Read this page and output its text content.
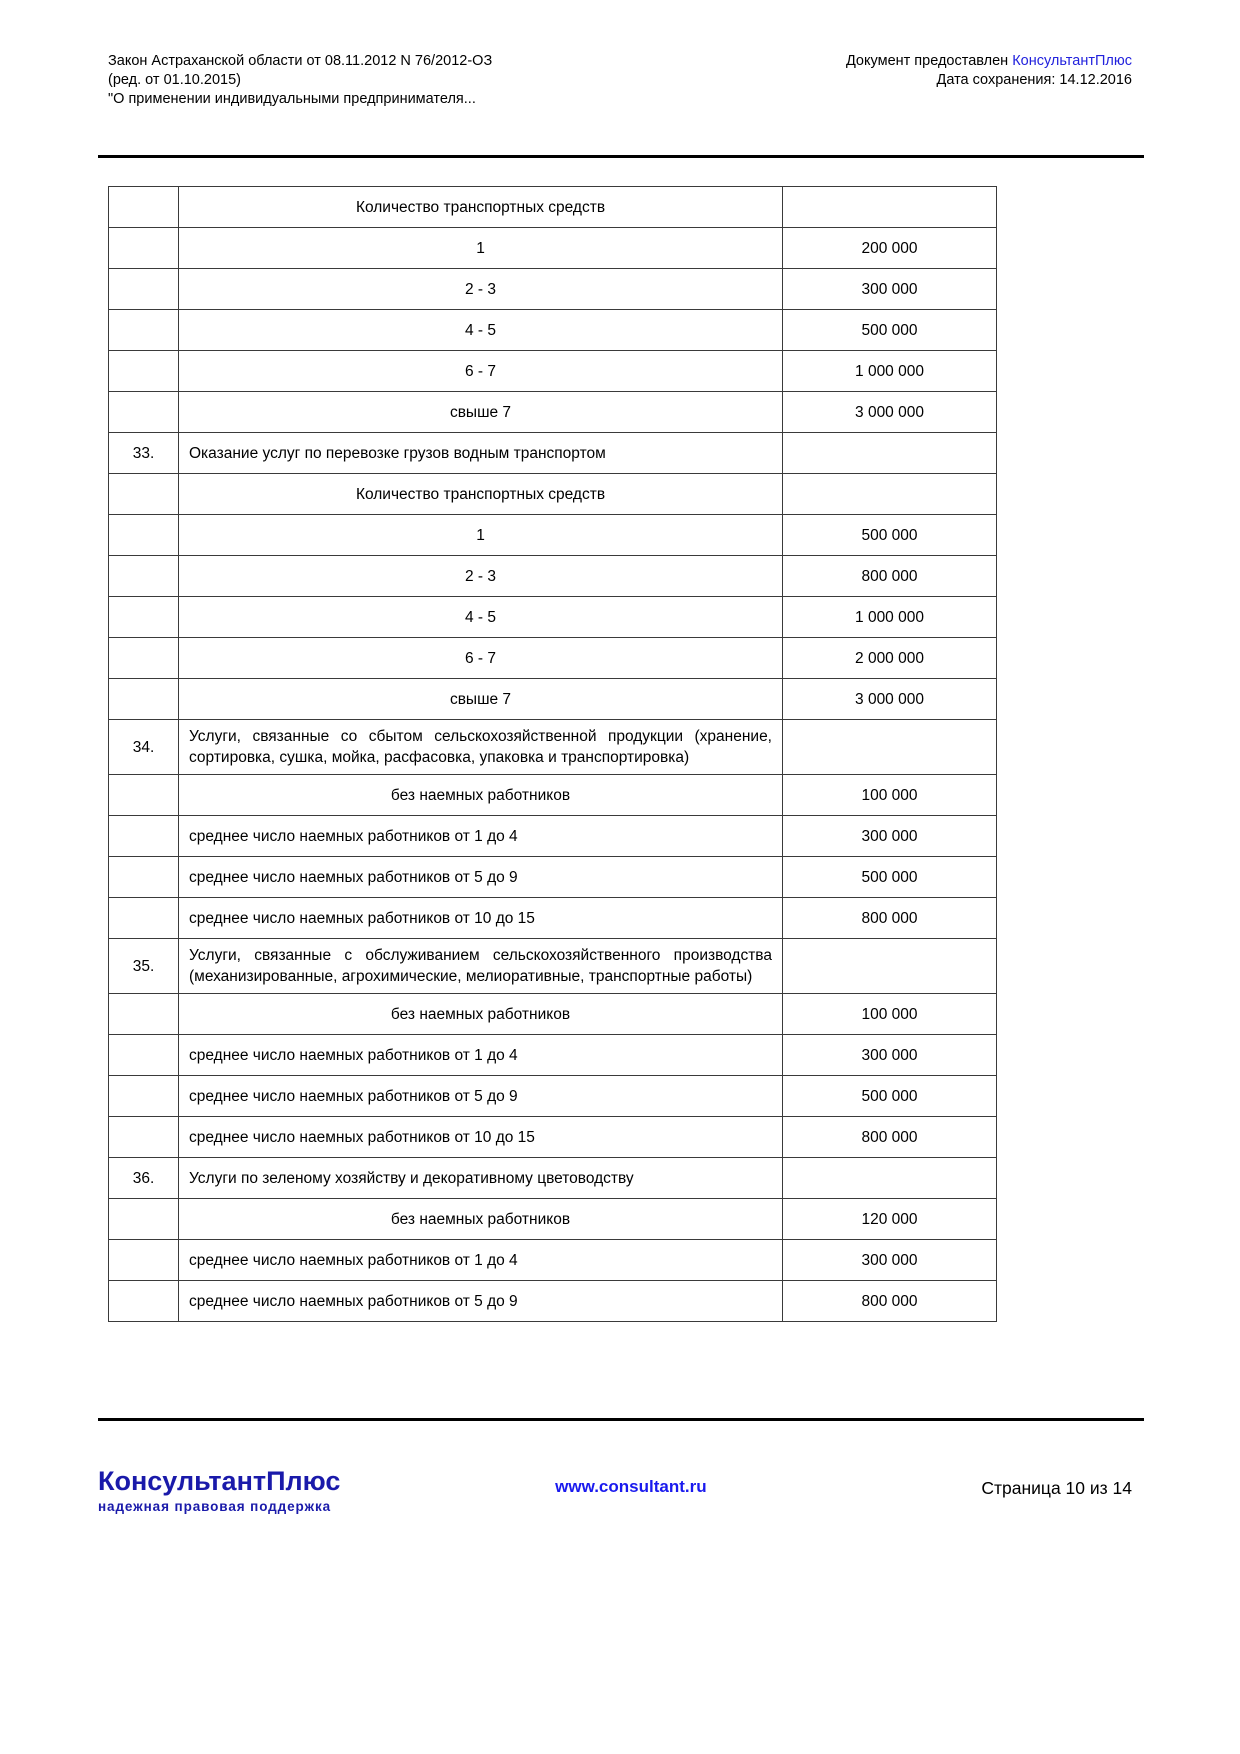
Закон Астраханской области от 08.11.2012 N 76/2012-ОЗ
(ред. от 01.10.2015)
"О применении индивидуальными предпринимателя...
Документ предоставлен КонсультантПлюс
Дата сохранения: 14.12.2016
	Количество транспортных средств	
	1	200 000
	2 - 3	300 000
	4 - 5	500 000
	6 - 7	1 000 000
	свыше 7	3 000 000
33.	Оказание услуг по перевозке грузов водным транспортом	
	Количество транспортных средств	
	1	500 000
	2 - 3	800 000
	4 - 5	1 000 000
	6 - 7	2 000 000
	свыше 7	3 000 000
34.	Услуги, связанные со сбытом сельскохозяйственной продукции (хранение, сортировка, сушка, мойка, расфасовка, упаковка и транспортировка)	
	без наемных работников	100 000
	среднее число наемных работников от 1 до 4	300 000
	среднее число наемных работников от 5 до 9	500 000
	среднее число наемных работников от 10 до 15	800 000
35.	Услуги, связанные с обслуживанием сельскохозяйственного производства (механизированные, агрохимические, мелиоративные, транспортные работы)	
	без наемных работников	100 000
	среднее число наемных работников от 1 до 4	300 000
	среднее число наемных работников от 5 до 9	500 000
	среднее число наемных работников от 10 до 15	800 000
36.	Услуги по зеленому хозяйству и декоративному цветоводству	
	без наемных работников	120 000
	среднее число наемных работников от 1 до 4	300 000
	среднее число наемных работников от 5 до 9	800 000
КонсультантПлюс
надежная правовая поддержка
www.consultant.ru	Страница 10 из 14
